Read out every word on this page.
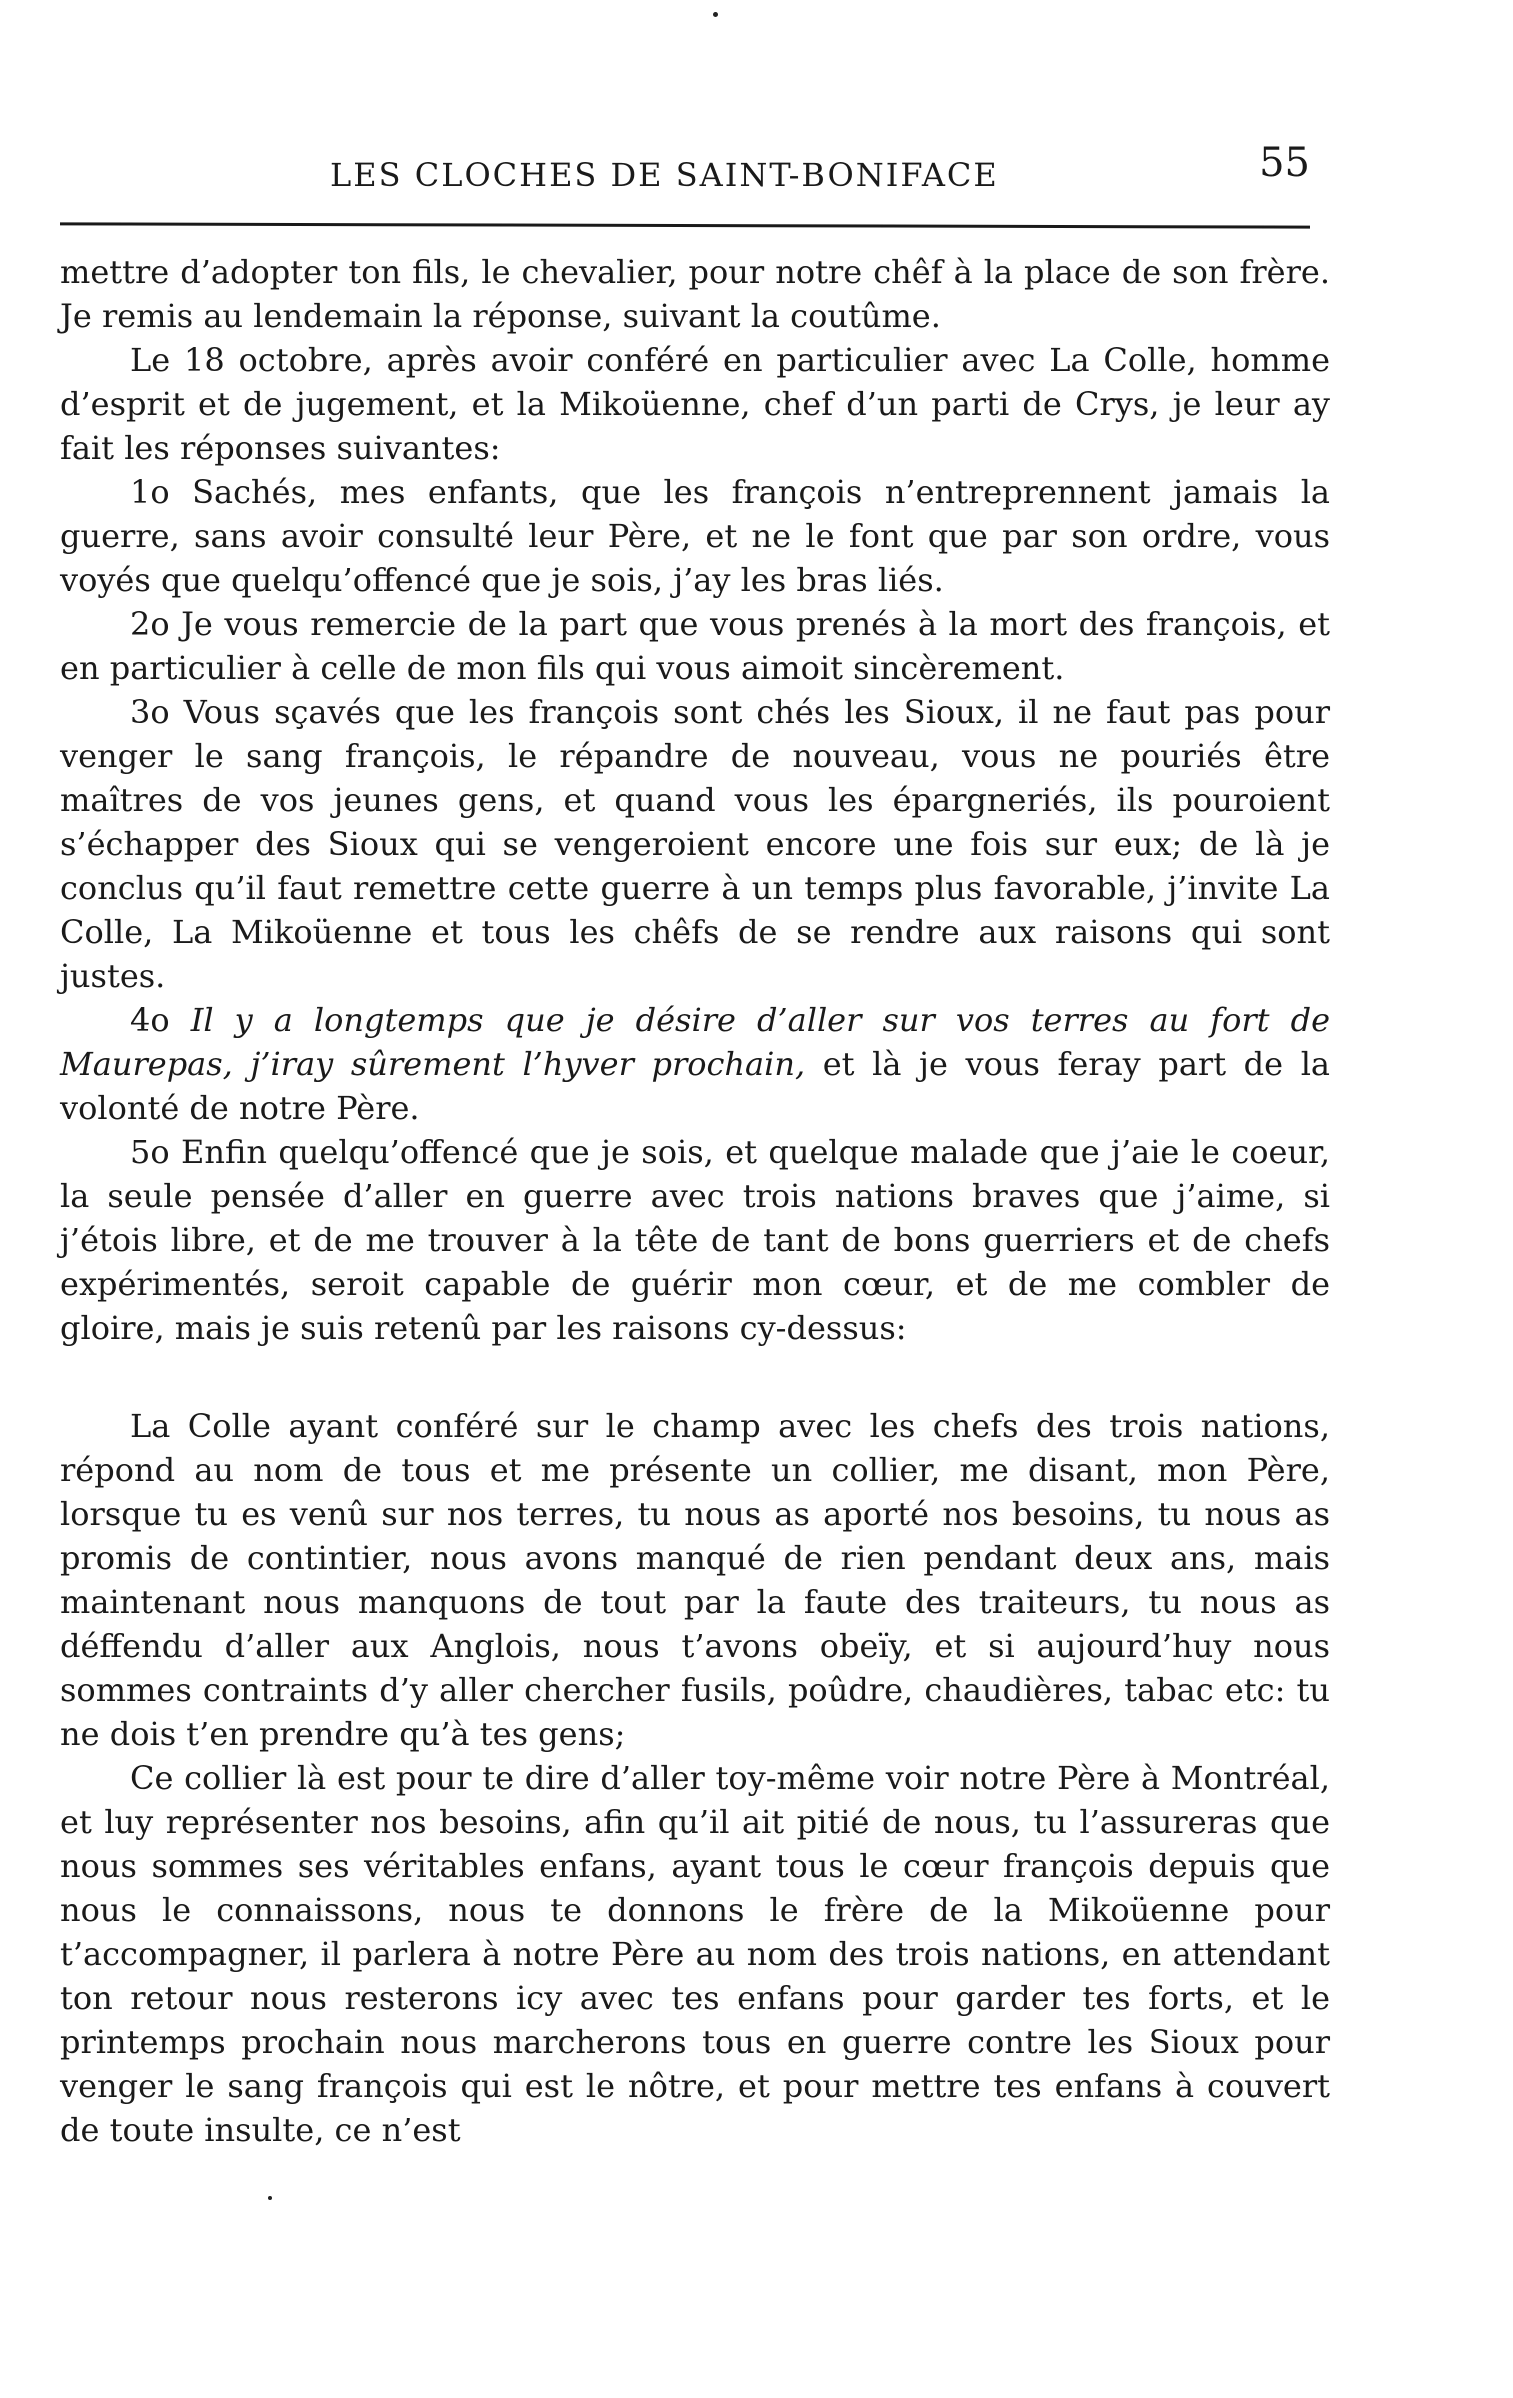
LES CLOCHES DE SAINT-BONIFACE	55

mettre d’adopter ton fils, le chevalier, pour notre chêf à la place de son frère. Je remis au lendemain la réponse, suivant la coutûme.

Le 18 octobre, après avoir conféré en particulier avec La Colle, homme d’esprit et de jugement, et la Mikoüenne, chef d’un parti de Crys, je leur ay fait les réponses suivantes:

1o Sachés, mes enfants, que les françois n’entreprennent jamais la guerre, sans avoir consulté leur Père, et ne le font que par son ordre, vous voyés que quelqu’offencé que je sois, j’ay les bras liés.

2o Je vous remercie de la part que vous prenés à la mort des françois, et en particulier à celle de mon fils qui vous aimoit sincèrement.

3o Vous sçavés que les françois sont chés les Sioux, il ne faut pas pour venger le sang françois, le répandre de nouveau, vous ne pouriés être maîtres de vos jeunes gens, et quand vous les épargneriés, ils pouroient s’échapper des Sioux qui se vengeroient encore une fois sur eux; de là je conclus qu’il faut remettre cette guerre à un temps plus favorable, j’invite La Colle, La Mikoüenne et tous les chêfs de se rendre aux raisons qui sont justes.

4o Il y a longtemps que je désire d’aller sur vos terres au fort de Maurepas, j’iray sûrement l’hyver prochain, et là je vous feray part de la volonté de notre Père.

5o Enfin quelqu’offencé que je sois, et quelque malade que j’aie le coeur, la seule pensée d’aller en guerre avec trois nations braves que j’aime, si j’étois libre, et de me trouver à la tête de tant de bons guerriers et de chefs expérimentés, seroit capable de guérir mon cœur, et de me combler de gloire, mais je suis retenû par les raisons cy-dessus:

La Colle ayant conféré sur le champ avec les chefs des trois nations, répond au nom de tous et me présente un collier, me disant, mon Père, lorsque tu es venû sur nos terres, tu nous as aporté nos besoins, tu nous as promis de contintier, nous avons manqué de rien pendant deux ans, mais maintenant nous manquons de tout par la faute des traiteurs, tu nous as déffendu d’aller aux Anglois, nous t’avons obeïy, et si aujourd’huy nous sommes contraints d’y aller chercher fusils, poûdre, chaudières, tabac etc: tu ne dois t’en prendre qu’à tes gens;

Ce collier là est pour te dire d’aller toy-même voir notre Père à Montréal, et luy représenter nos besoins, afin qu’il ait pitié de nous, tu l’assureras que nous sommes ses véritables enfans, ayant tous le cœur françois depuis que nous le connaissons, nous te donnons le frère de la Mikoüenne pour t’accompagner, il parlera à notre Père au nom des trois nations, en attendant ton retour nous resterons icy avec tes enfans pour garder tes forts, et le printemps prochain nous marcherons tous en guerre contre les Sioux pour venger le sang françois qui est le nôtre, et pour mettre tes enfans à couvert de toute insulte, ce n’est
